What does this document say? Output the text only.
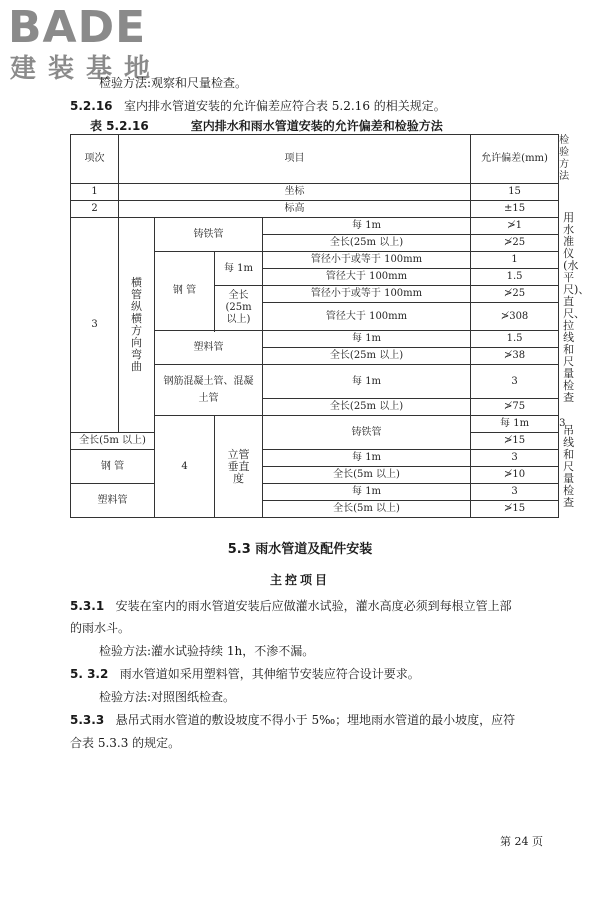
BADE
建装基地
检验方法:观察和尺量检查。
5.2.16 室内排水管道安装的允许偏差应符合表 5.2.16 的相关规定。
表 5.2.16	室内排水和雨水管道安装的允许偏差和检验方法
项次	项目				允许偏差(mm)	检验方法
1	坐标				15	用水准仪(水平尺)、直尺、拉线和尺量检查
2	标高				±15	
3	横管纵横方向弯曲	铸铁管		每 1m	≯1	
				全长(25m 以上)	≯25	
		钢 管	每 1m	管径小于或等于 100mm	1	
				管径大于 100mm	1.5	
			全长(25m 以上)	管径小于或等于 100mm	≯25	
				管径大于 100mm	≯308	

		塑料管		每 1m	1.5	
				全长(25m 以上)	≯38	
		钢筋混凝土管、混凝土管		每 1m	3	
				全长(25m 以上)	≯75	
		4	立管垂直度	铸铁管	每 1m	3	吊线和尺量检查
全长(5m 以上)					≯15	
钢 管				每 1m	3	
				全长(5m 以上)	≯10	
塑料管				每 1m	3	
				全长(5m 以上)	≯15	
5.3 雨水管道及配件安装
主控项目
5.3.1 安装在室内的雨水管道安装后应做灌水试验，灌水高度必须到每根立管上部
的雨水斗。
检验方法:灌水试验持续 1h，不渗不漏。
5. 3.2 雨水管道如采用塑料管，其伸缩节安装应符合设计要求。
检验方法:对照图纸检查。
5.3.3 悬吊式雨水管道的敷设坡度不得小于 5‰；埋地雨水管道的最小坡度，应符
合表 5.3.3 的规定。
第 24 页
